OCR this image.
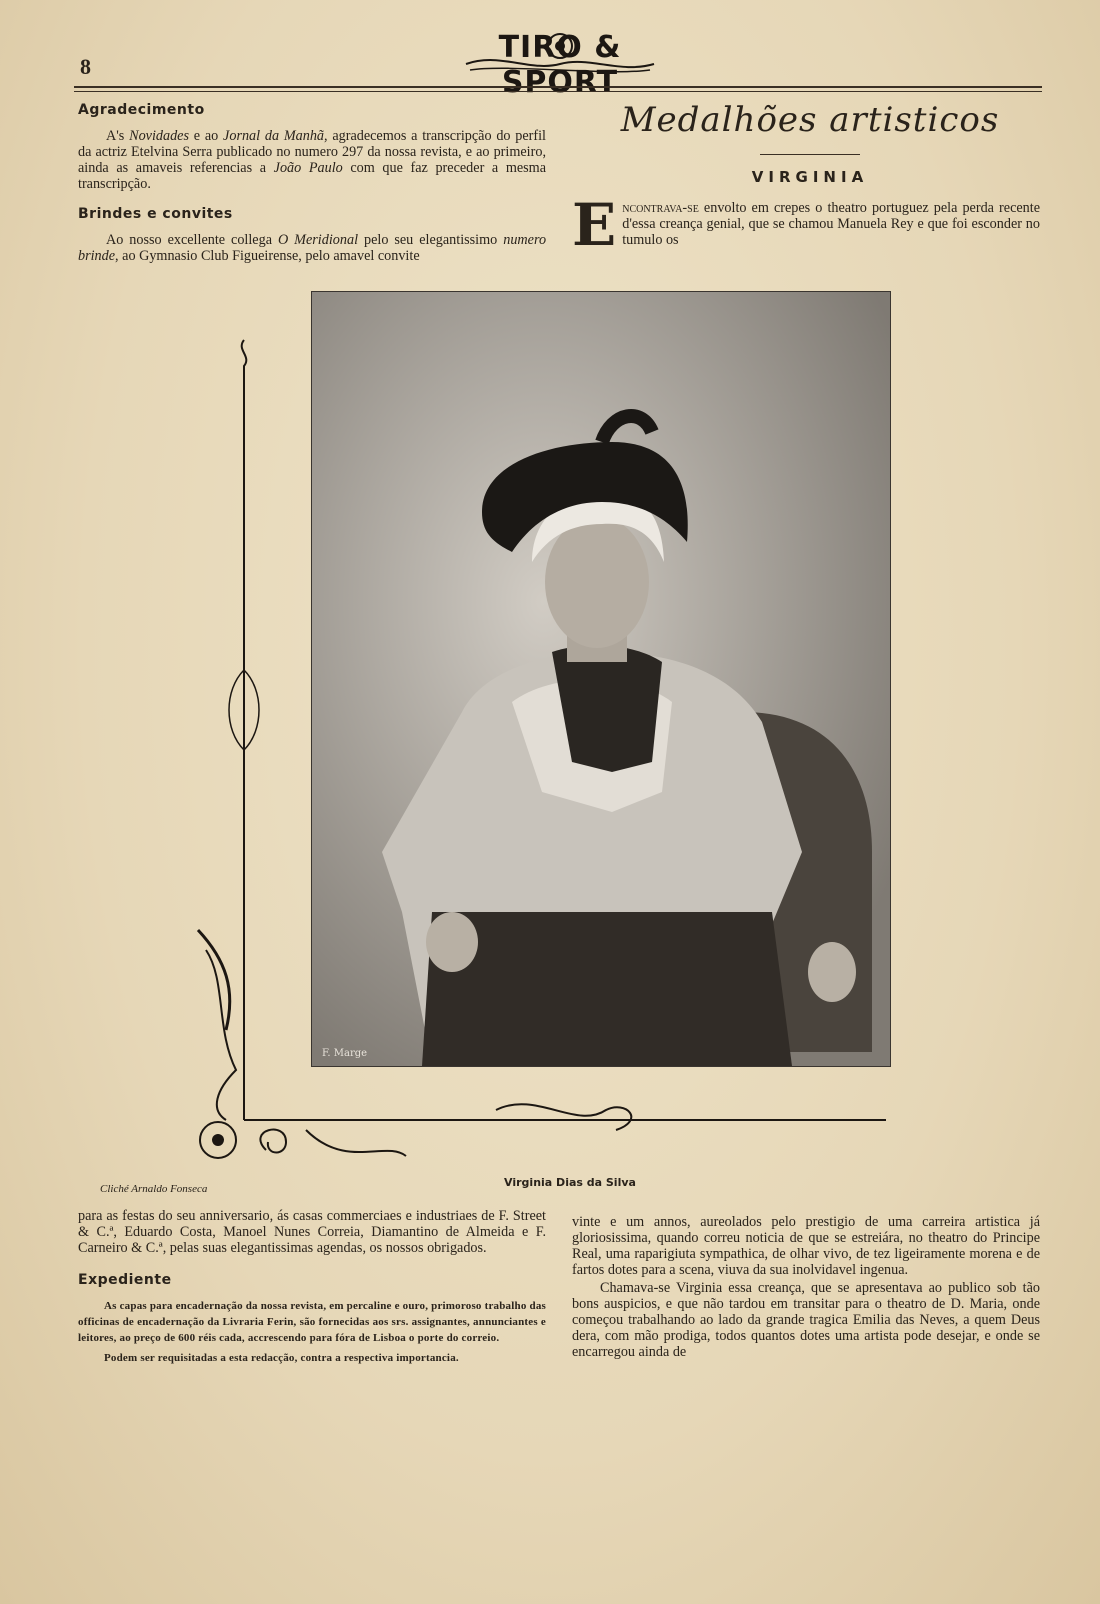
8
TIRO & SPORT
Agradecimento

A's Novidades e ao Jornal da Manhã, agradecemos a transcripção do perfil da actriz Etelvina Serra publicado no numero 297 da nossa revista, e ao primeiro, ainda as amaveis referencias a João Paulo com que faz preceder a mesma transcripção.

Brindes e convites

Ao nosso excellente collega O Meridional pelo seu elegantissimo numero brinde, ao Gymnasio Club Figueirense, pelo amavel convite

Medalhões artisticos
VIRGINIA

E ncontrava-se envolto em crepes o theatro portuguez pela perda recente d'essa creança genial, que se chamou Manuela Rey e que foi esconder no tumulo os

F. Marge
Cliché Arnaldo Fonseca	Virginia Dias da Silva

para as festas do seu anniversario, ás casas commerciaes e industriaes de F. Street & C.ª, Eduardo Costa, Manoel Nunes Correia, Diamantino de Almeida e F. Carneiro & C.ª, pelas suas elegantissimas agendas, os nossos obrigados.

Expediente

As capas para encadernação da nossa revista, em percaline e ouro, primoroso trabalho das officinas de encadernação da Livraria Ferin, são fornecidas aos srs. assignantes, annunciantes e leitores, ao preço de 600 réis cada, accrescendo para fóra de Lisboa o porte do correio.

Podem ser requisitadas a esta redacção, contra a respectiva importancia.

vinte e um annos, aureolados pelo prestigio de uma carreira artistica já gloriosissima, quando correu noticia de que se estreiára, no theatro do Principe Real, uma raparigiuta sympathica, de olhar vivo, de tez ligeiramente morena e de fartos dotes para a scena, viuva da sua inolvidavel ingenua.

Chamava-se Virginia essa creança, que se apresentava ao publico sob tão bons auspicios, e que não tardou em transitar para o theatro de D. Maria, onde começou trabalhando ao lado da grande tragica Emilia das Neves, a quem Deus dera, com mão prodiga, todos quantos dotes uma artista pode desejar, e onde se encarregou ainda de
